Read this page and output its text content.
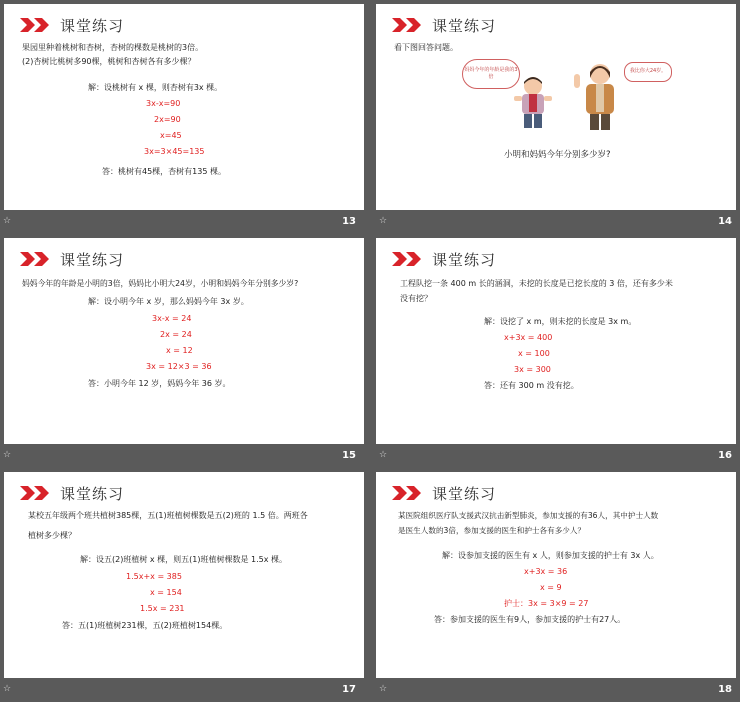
课堂练习
果园里种着桃树和杏树，杏树的棵数是桃树的3倍。
(2)杏树比桃树多90棵，桃树和杏树各有多少棵？
解：设桃树有 x 棵，则杏树有3x 棵。
3x-x=90
2x=90
x=45
3x=3×45=135
答：桃树有45棵，杏树有135 棵。
☆	13
课堂练习
看下图回答问题。
妈妈今年的年龄是我的3倍
我比你大24岁。
小明和妈妈今年分别多少岁?
☆	14
课堂练习
妈妈今年的年龄是小明的3倍，妈妈比小明大24岁，小明和妈妈今年分别多少岁?
解：设小明今年 x 岁，那么妈妈今年 3x 岁。
3x-x = 24
2x = 24
x = 12
3x = 12×3 = 36
答：小明今年 12 岁，妈妈今年 36 岁。
☆	15
课堂练习
工程队挖一条 400 m 长的涵洞，未挖的长度是已挖长度的 3 倍，还有多少米
没有挖？
解：设挖了 x m，则未挖的长度是 3x m。
x+3x = 400
x = 100
3x = 300
答：还有 300 m 没有挖。
☆	16
课堂练习
某校五年级两个班共植树385棵，五(1)班植树棵数是五(2)班的 1.5 倍。两班各
植树多少棵？
解：设五(2)班植树 x 棵，则五(1)班植树棵数是 1.5x 棵。
1.5x+x = 385
x = 154
1.5x = 231
答：五(1)班植树231棵，五(2)班植树154棵。
☆	17
课堂练习
某医院组织医疗队支援武汉抗击新型肺炎，参加支援的有36人，其中护士人数
是医生人数的3倍，参加支援的医生和护士各有多少人？
解：设参加支援的医生有 x 人，则参加支援的护士有 3x 人。
x+3x = 36
x = 9
护士：3x = 3×9 = 27
答：参加支援的医生有9人，参加支援的护士有27人。
☆	18
